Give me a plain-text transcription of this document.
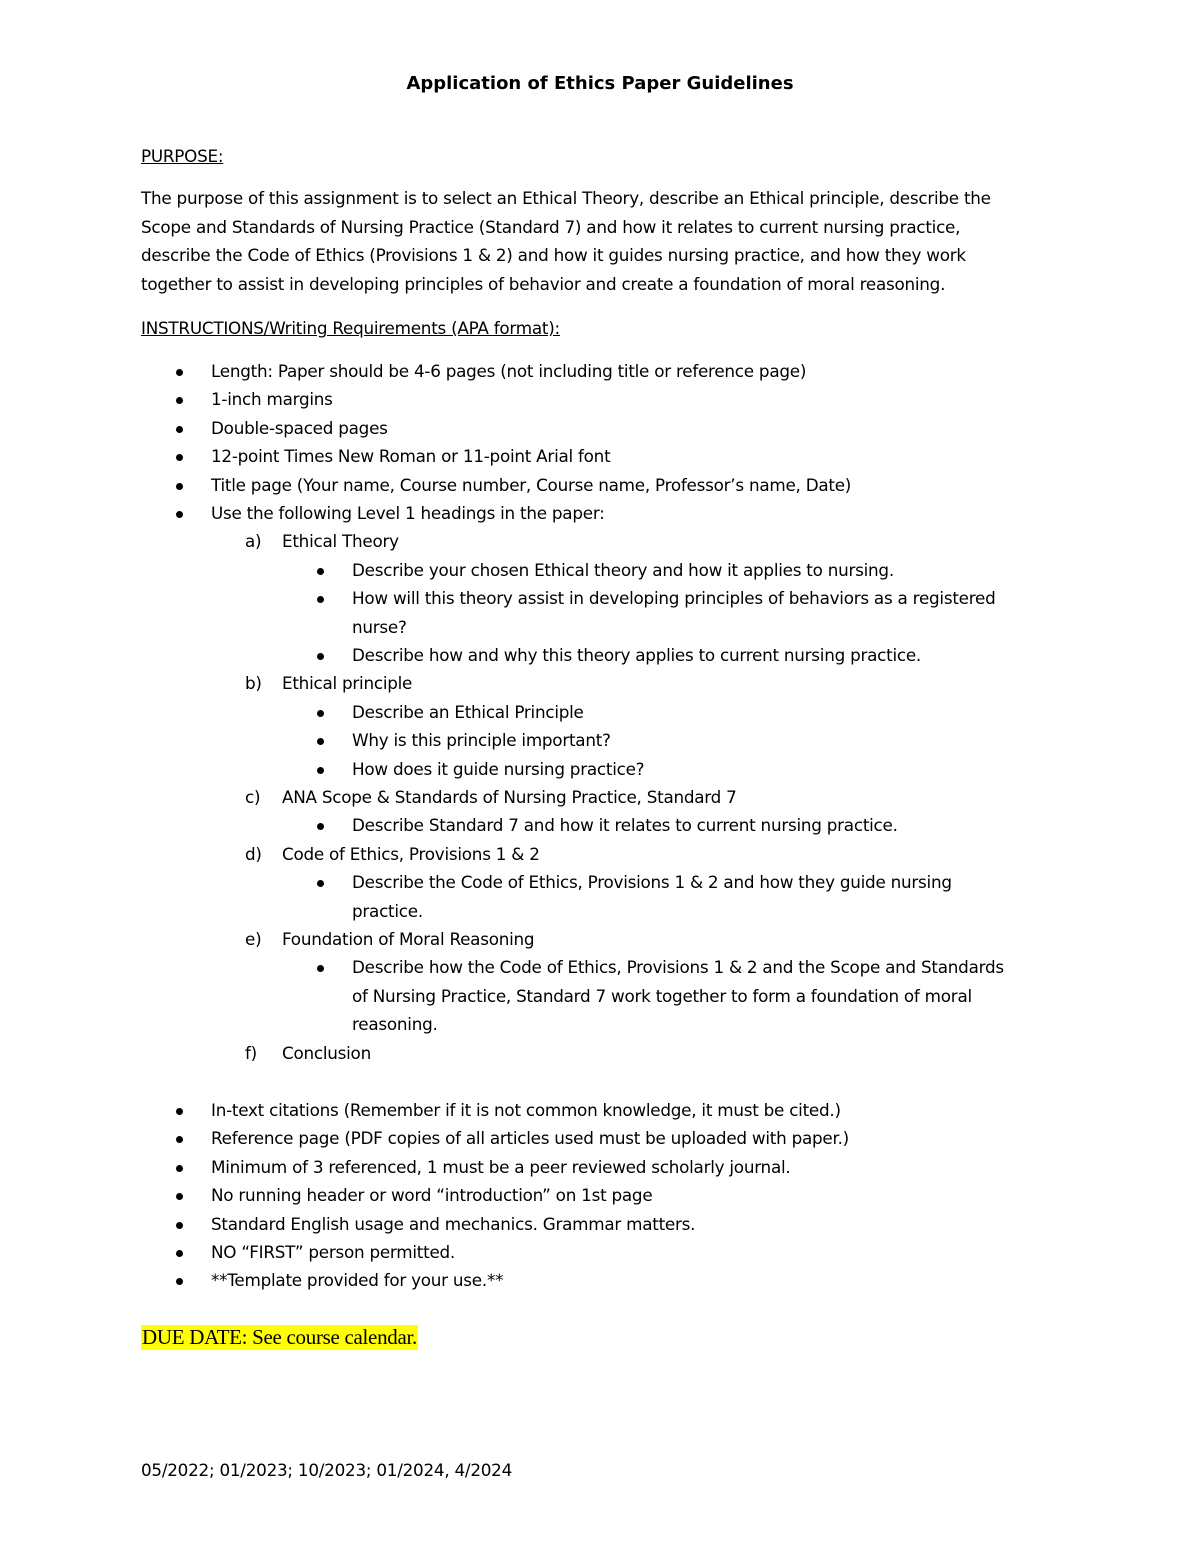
Application of Ethics Paper Guidelines
PURPOSE:
The purpose of this assignment is to select an Ethical Theory, describe an Ethical principle, describe the
Scope and Standards of Nursing Practice (Standard 7) and how it relates to current nursing practice,
describe the Code of Ethics (Provisions 1 & 2) and how it guides nursing practice, and how they work
together to assist in developing principles of behavior and create a foundation of moral reasoning.
INSTRUCTIONS/Writing Requirements (APA format):
Length: Paper should be 4-6 pages (not including title or reference page)
1-inch margins
Double-spaced pages
12-point Times New Roman or 11-point Arial font
Title page (Your name, Course number, Course name, Professor’s name, Date)
Use the following Level 1 headings in the paper:
a) Ethical Theory
Describe your chosen Ethical theory and how it applies to nursing.
How will this theory assist in developing principles of behaviors as a registered
nurse?
Describe how and why this theory applies to current nursing practice.
b) Ethical principle
Describe an Ethical Principle
Why is this principle important?
How does it guide nursing practice?
c) ANA Scope & Standards of Nursing Practice, Standard 7
Describe Standard 7 and how it relates to current nursing practice.
d) Code of Ethics, Provisions 1 & 2
Describe the Code of Ethics, Provisions 1 & 2 and how they guide nursing
practice.
e) Foundation of Moral Reasoning
Describe how the Code of Ethics, Provisions 1 & 2 and the Scope and Standards
of Nursing Practice, Standard 7 work together to form a foundation of moral
reasoning.
f) Conclusion
In-text citations (Remember if it is not common knowledge, it must be cited.)
Reference page (PDF copies of all articles used must be uploaded with paper.)
Minimum of 3 referenced, 1 must be a peer reviewed scholarly journal.
No running header or word “introduction” on 1st page
Standard English usage and mechanics. Grammar matters.
NO “FIRST” person permitted.
**Template provided for your use.**
DUE DATE: See course calendar.
05/2022; 01/2023; 10/2023; 01/2024, 4/2024
